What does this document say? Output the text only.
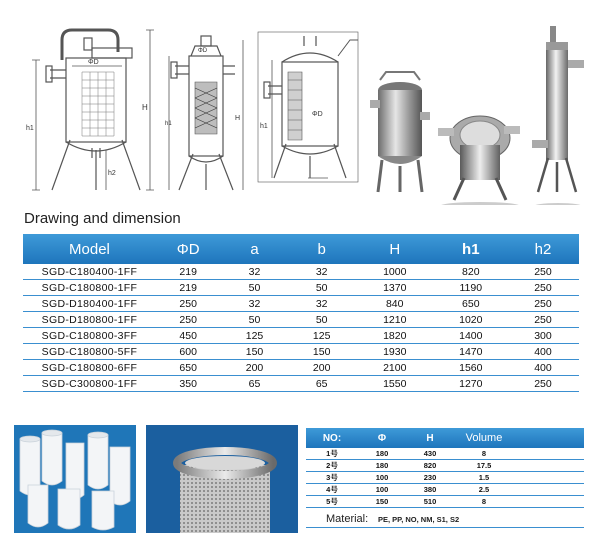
ΦD
H
h1
h2
ΦD
H
h1
ΦD
h1
Drawing and dimension
Model	ΦD	a	b	H	h1	h2
SGD-C180400-1FF	219	32	32	1000	820	250
SGD-C180800-1FF	219	50	50	1370	1190	250
SGD-D180400-1FF	250	32	32	840	650	250
SGD-D180800-1FF	250	50	50	1210	1020	250
SGD-C180800-3FF	450	125	125	1820	1400	300
SGD-C180800-5FF	600	150	150	1930	1470	400
SGD-C180800-6FF	650	200	200	2100	1560	400
SGD-C300800-1FF	350	65	65	1550	1270	250
NO:	Φ	H	Volume	
1号	180	430	8	
2号	180	820	17.5	
3号	100	230	1.5	
4号	100	380	2.5	
5号	150	510	8	
Material: PE, PP, NO, NM, S1, S2
